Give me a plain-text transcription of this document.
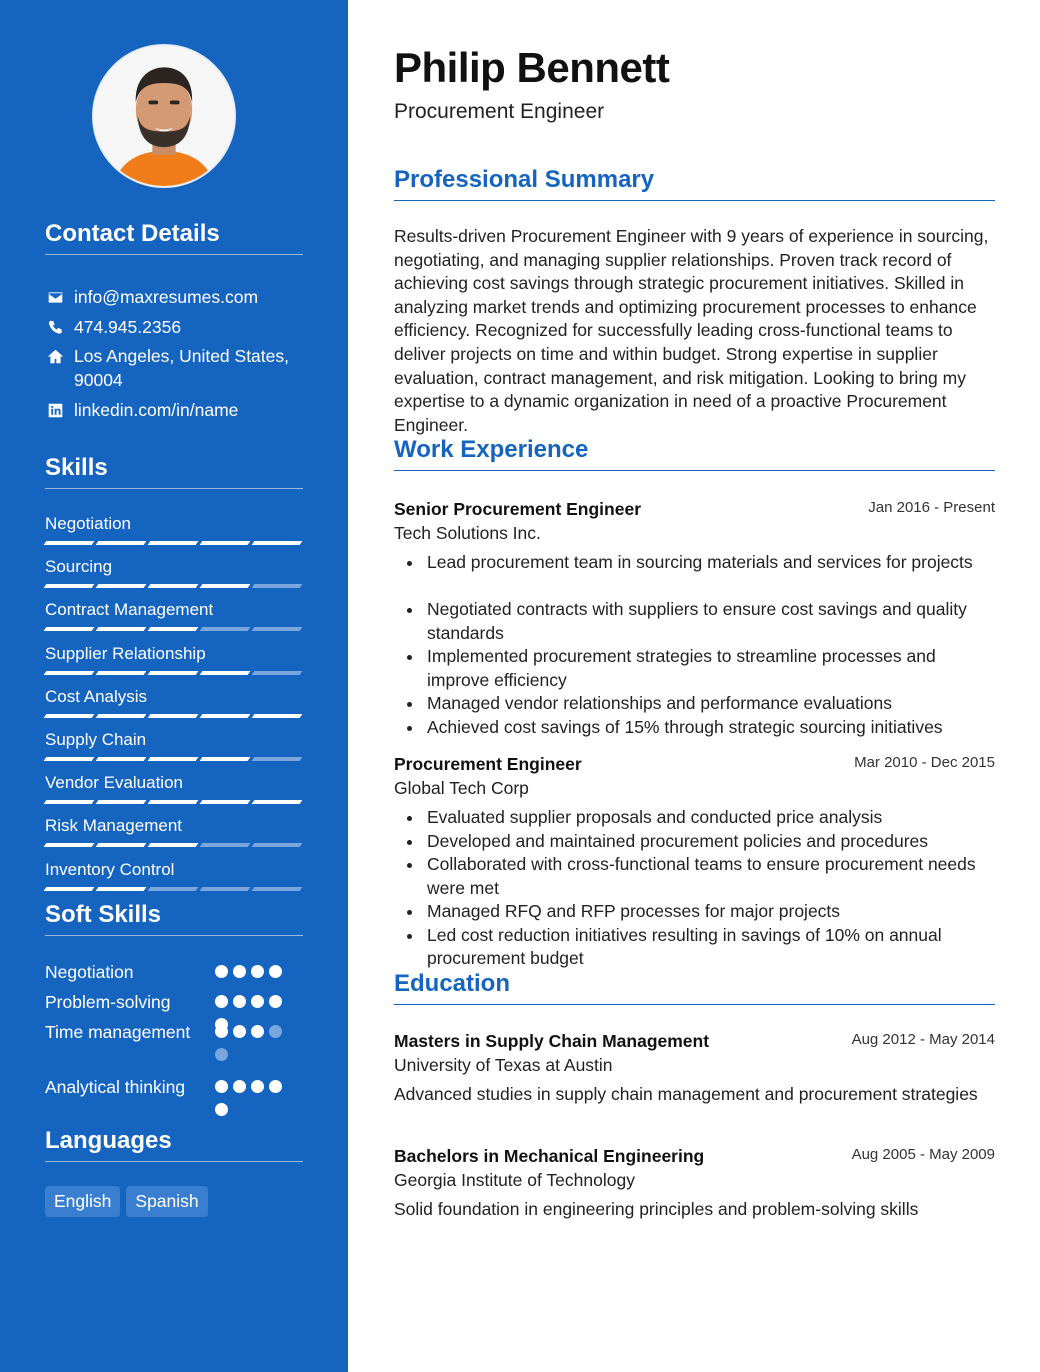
Contact Details
info@maxresumes.com
474.945.2356
Los Angeles, United States, 90004
linkedin.com/in/name
Skills
Negotiation
Sourcing
Contract Management
Supplier Relationship
Cost Analysis
Supply Chain
Vendor Evaluation
Risk Management
Inventory Control
Soft Skills
Negotiation
Problem-solving
Time management
Analytical thinking
Languages
English	Spanish
Philip Bennett
Procurement Engineer
Professional Summary
Results-driven Procurement Engineer with 9 years of experience in sourcing, negotiating, and managing supplier relationships. Proven track record of achieving cost savings through strategic procurement initiatives. Skilled in analyzing market trends and optimizing procurement processes to enhance efficiency. Recognized for successfully leading cross-functional teams to deliver projects on time and within budget. Strong expertise in supplier evaluation, contract management, and risk mitigation. Looking to bring my expertise to a dynamic organization in need of a proactive Procurement Engineer.
Work Experience
Senior Procurement Engineer	Jan 2016 - Present
Tech Solutions Inc.
Lead procurement team in sourcing materials and services for projects
Negotiated contracts with suppliers to ensure cost savings and quality standards
Implemented procurement strategies to streamline processes and improve efficiency
Managed vendor relationships and performance evaluations
Achieved cost savings of 15% through strategic sourcing initiatives
Procurement Engineer	Mar 2010 - Dec 2015
Global Tech Corp
Evaluated supplier proposals and conducted price analysis
Developed and maintained procurement policies and procedures
Collaborated with cross-functional teams to ensure procurement needs were met
Managed RFQ and RFP processes for major projects
Led cost reduction initiatives resulting in savings of 10% on annual procurement budget
Education
Masters in Supply Chain Management	Aug 2012 - May 2014
University of Texas at Austin
Advanced studies in supply chain management and procurement strategies
Bachelors in Mechanical Engineering	Aug 2005 - May 2009
Georgia Institute of Technology
Solid foundation in engineering principles and problem-solving skills
